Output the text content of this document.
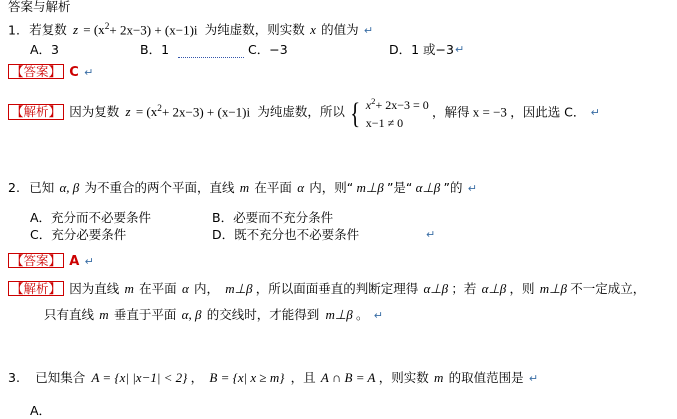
答案与解析
1. 若复数 $z = (x^2+ 2x-3) + (x-1)i$ 为纯虚数，则实数 x 的值为 ↵
A．3	B．1	C．−3	D．1 或−3 ↵
【答案】 C ↵
【解析】 因为复数 $z = (x^2+ 2x-3) + (x-1)i$ 为纯虚数，所以 { $x^2+ 2x-3 = 0$
x−1 ≠ 0
，解得 x = −3 ，因此选 C． ↵
2. 已知 α, β 为不重合的两个平面，直线 m 在平面 α 内，则“ m⊥β ”是“ α⊥β ”的 ↵
A．充分而不必要条件	B．必要而不充分条件
C．充分必要条件	D．既不充分也不必要条件	↵
【答案】 A ↵
【解析】 因为直线 m 在平面 α 内， m⊥β ，所以面面垂直的判断定理得 α⊥β ；若 α⊥β ，则 m⊥β 不一定成立，
只有直线 m 垂直于平面 α, β 的交线时，才能得到 m⊥β 。 ↵
3. 已知集合 A = {x| |x−1| < 2} ， B = {x| x ≥ m} ，且 A ∩ B = A ，则实数 m 的取值范围是 ↵
A．
